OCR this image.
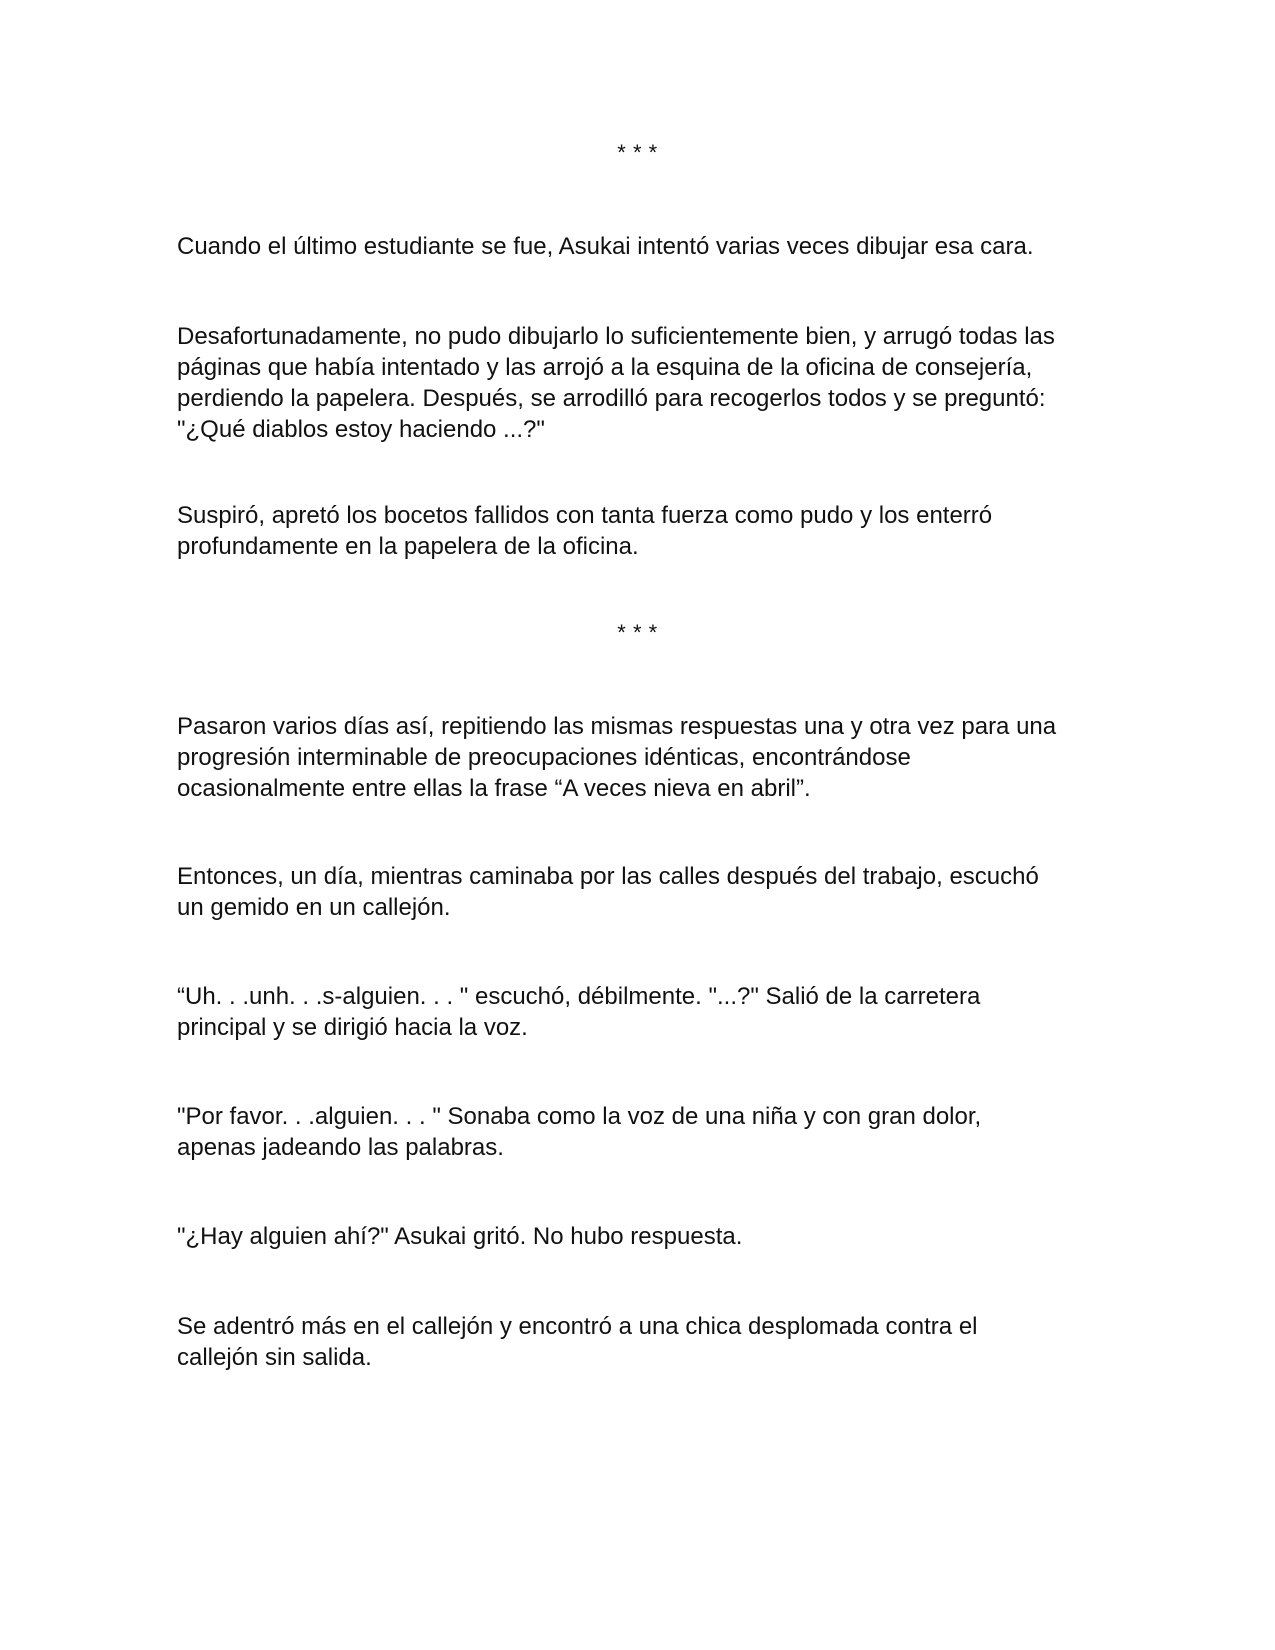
* * *

Cuando el último estudiante se fue, Asukai intentó varias veces dibujar esa cara.

Desafortunadamente, no pudo dibujarlo lo suficientemente bien, y arrugó todas las
páginas que había intentado y las arrojó a la esquina de la oficina de consejería,
perdiendo la papelera. Después, se arrodilló para recogerlos todos y se preguntó:
"¿Qué diablos estoy haciendo ...?"

Suspiró, apretó los bocetos fallidos con tanta fuerza como pudo y los enterró
profundamente en la papelera de la oficina.

* * *

Pasaron varios días así, repitiendo las mismas respuestas una y otra vez para una
progresión interminable de preocupaciones idénticas, encontrándose
ocasionalmente entre ellas la frase “A veces nieva en abril”.

Entonces, un día, mientras caminaba por las calles después del trabajo, escuchó
un gemido en un callejón.

“Uh. . .unh. . .s-alguien. . . " escuchó, débilmente. "...?" Salió de la carretera
principal y se dirigió hacia la voz.

"Por favor. . .alguien. . . " Sonaba como la voz de una niña y con gran dolor,
apenas jadeando las palabras.

"¿Hay alguien ahí?" Asukai gritó. No hubo respuesta.

Se adentró más en el callejón y encontró a una chica desplomada contra el
callejón sin salida.
